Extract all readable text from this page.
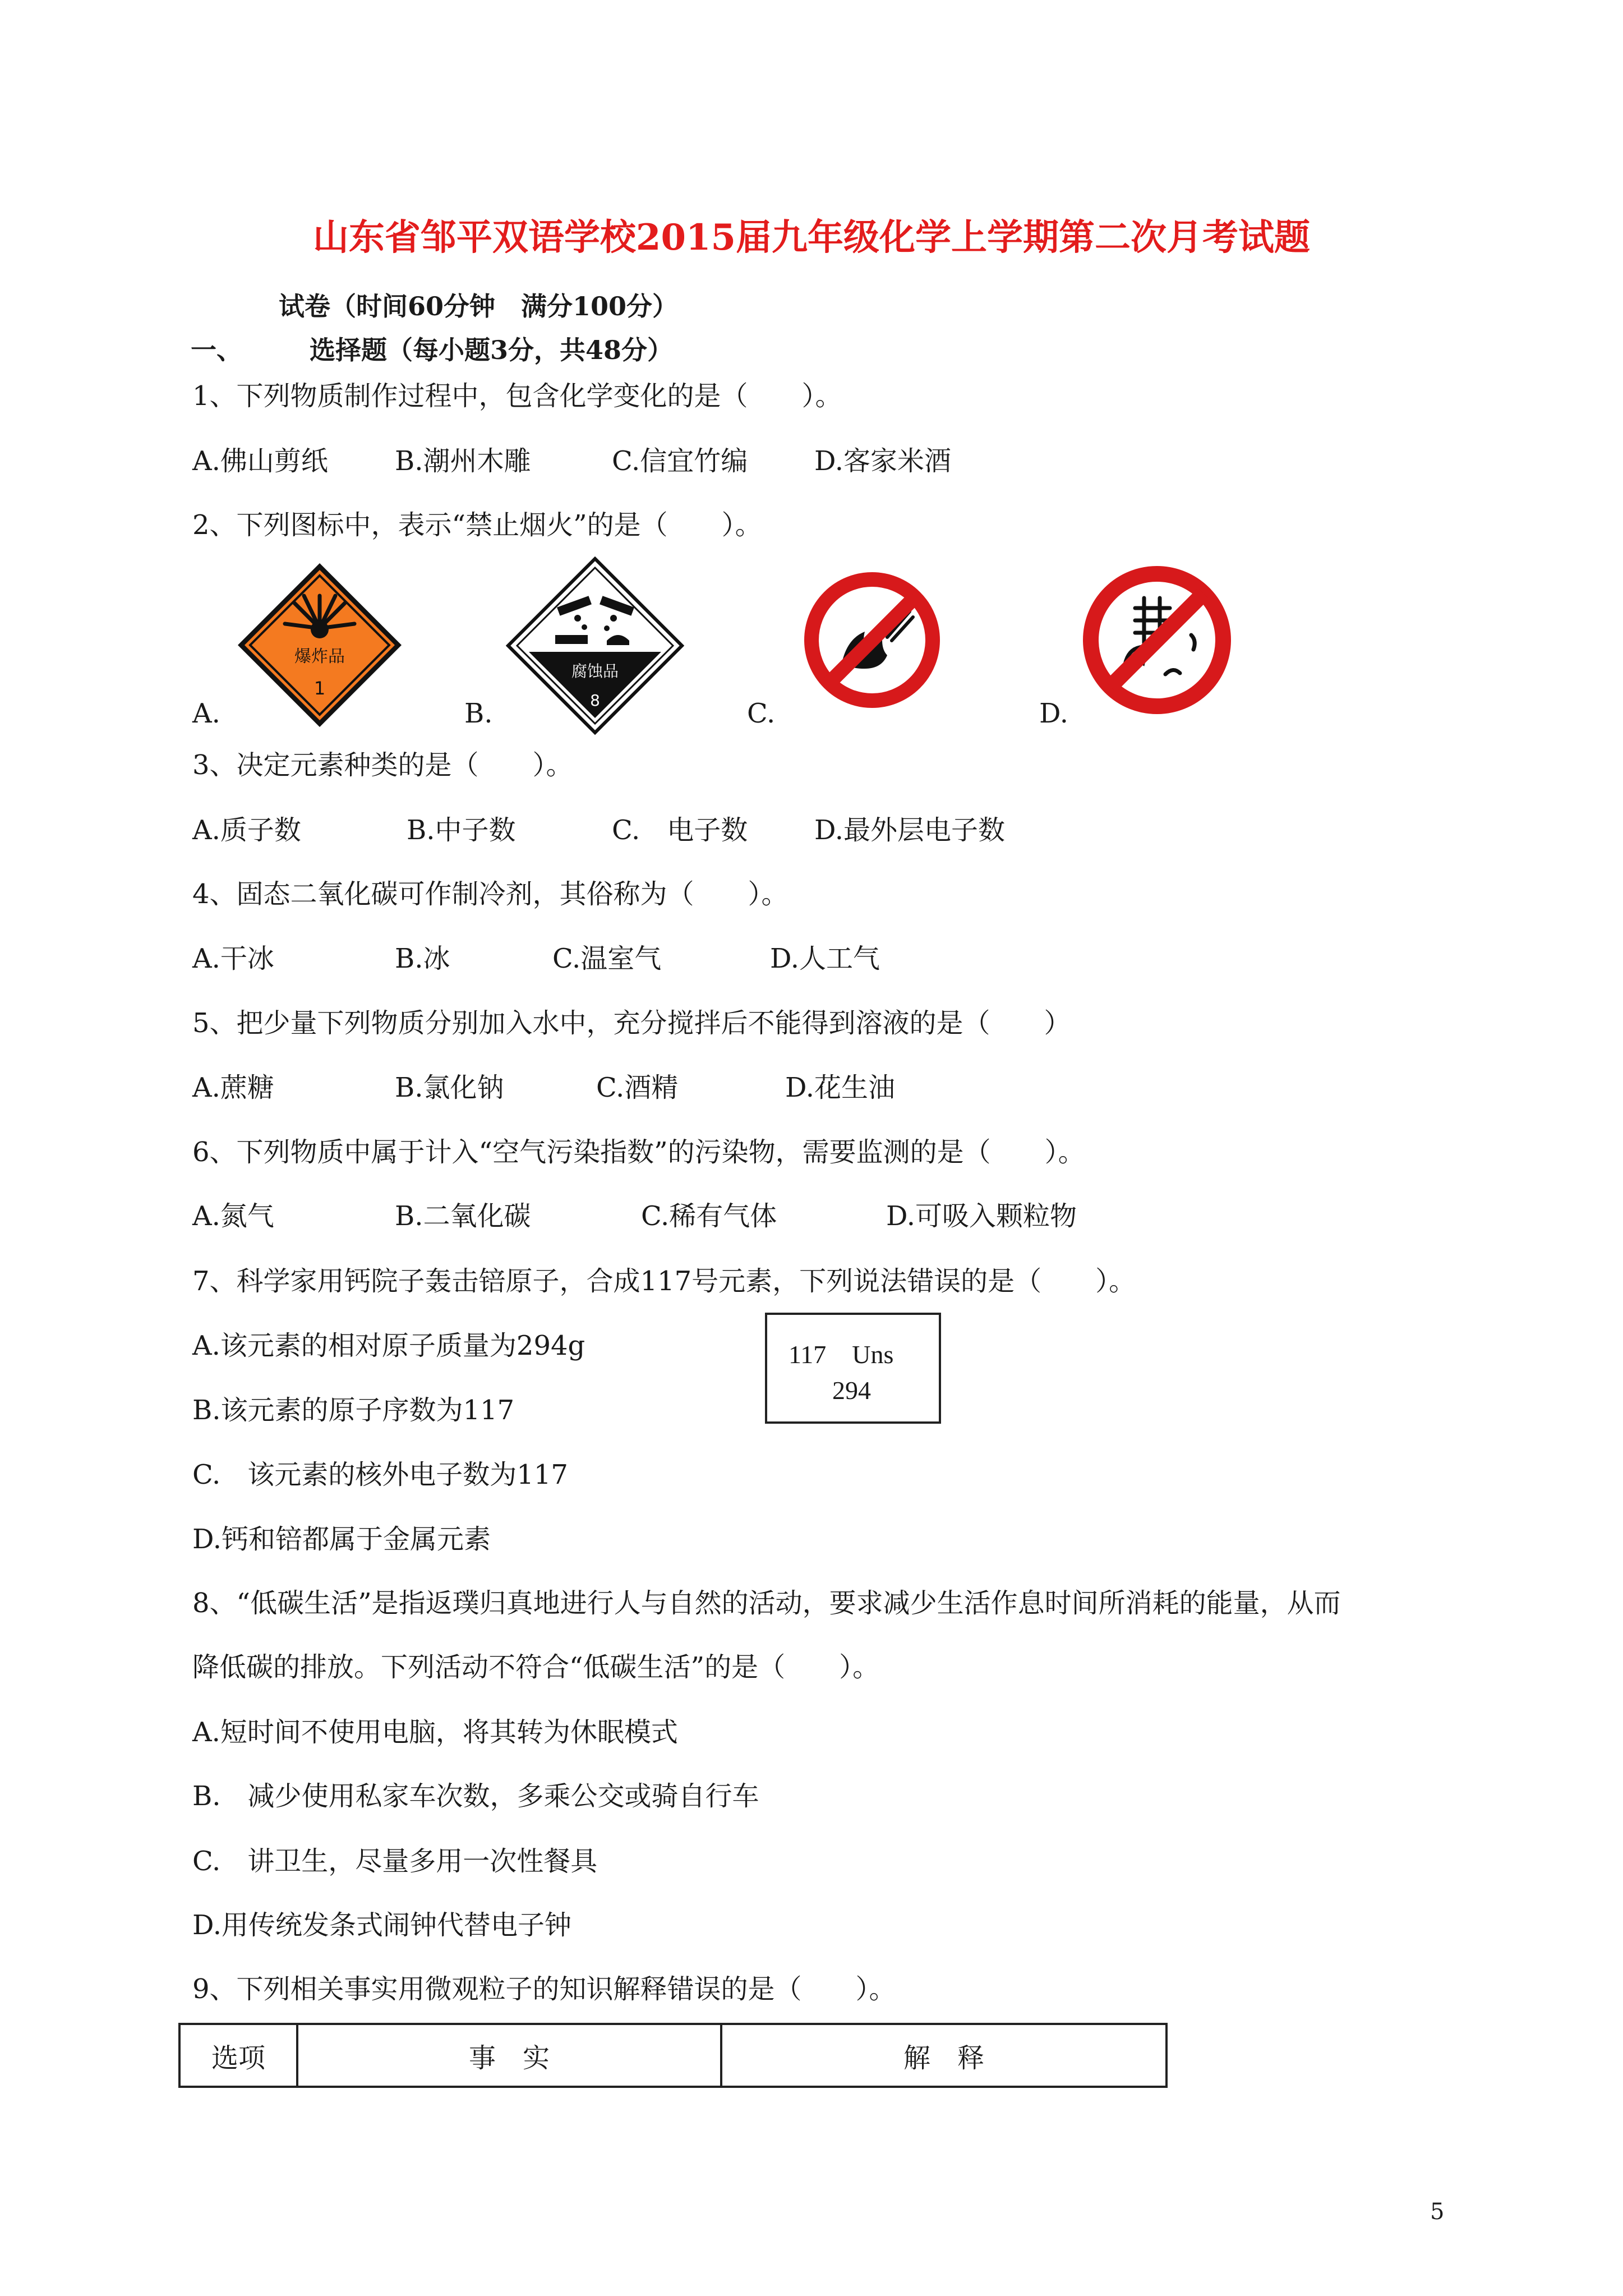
山东省邹平双语学校2015届九年级化学上学期第二次月考试题
试卷（时间60分钟　满分100分）
一、	选择题（每小题3分，共48分）
1、下列物质制作过程中，包含化学变化的是（　　）。
A.佛山剪纸 B.潮州木雕	C.信宜竹编 D.客家米酒
2、下列图标中，表示“禁止烟火”的是（　　）。
爆炸品
1
腐蚀品
8
A.	B.	C.	D.
3、决定元素种类的是（　　）。
A.质子数	B.中子数	C.　电子数 D.最外层电子数
4、固态二氧化碳可作制冷剂，其俗称为（　　）。
A.干冰	B.冰	C.温室气	D.人工气
5、把少量下列物质分别加入水中，充分搅拌后不能得到溶液的是（　　）
A.蔗糖	B.氯化钠	C.酒精	D.花生油
6、下列物质中属于计入“空气污染指数”的污染物，需要监测的是（　　）。
A.氮气	B.二氧化碳	C.稀有气体	D.可吸入颗粒物
7、科学家用钙院子轰击锫原子，合成117号元素，下列说法错误的是（　　）。
A.该元素的相对原子质量为294g	117　Uns
294
B.该元素的原子序数为117
C.　该元素的核外电子数为117
D.钙和锫都属于金属元素
8、“低碳生活”是指返璞归真地进行人与自然的活动，要求减少生活作息时间所消耗的能量，从而
降低碳的排放。下列活动不符合“低碳生活”的是（　　）。
A.短时间不使用电脑，将其转为休眠模式
B.　减少使用私家车次数，多乘公交或骑自行车
C.　讲卫生，尽量多用一次性餐具
D.用传统发条式闹钟代替电子钟
9、下列相关事实用微观粒子的知识解释错误的是（　　）。
选项	事　实	解　释
5
